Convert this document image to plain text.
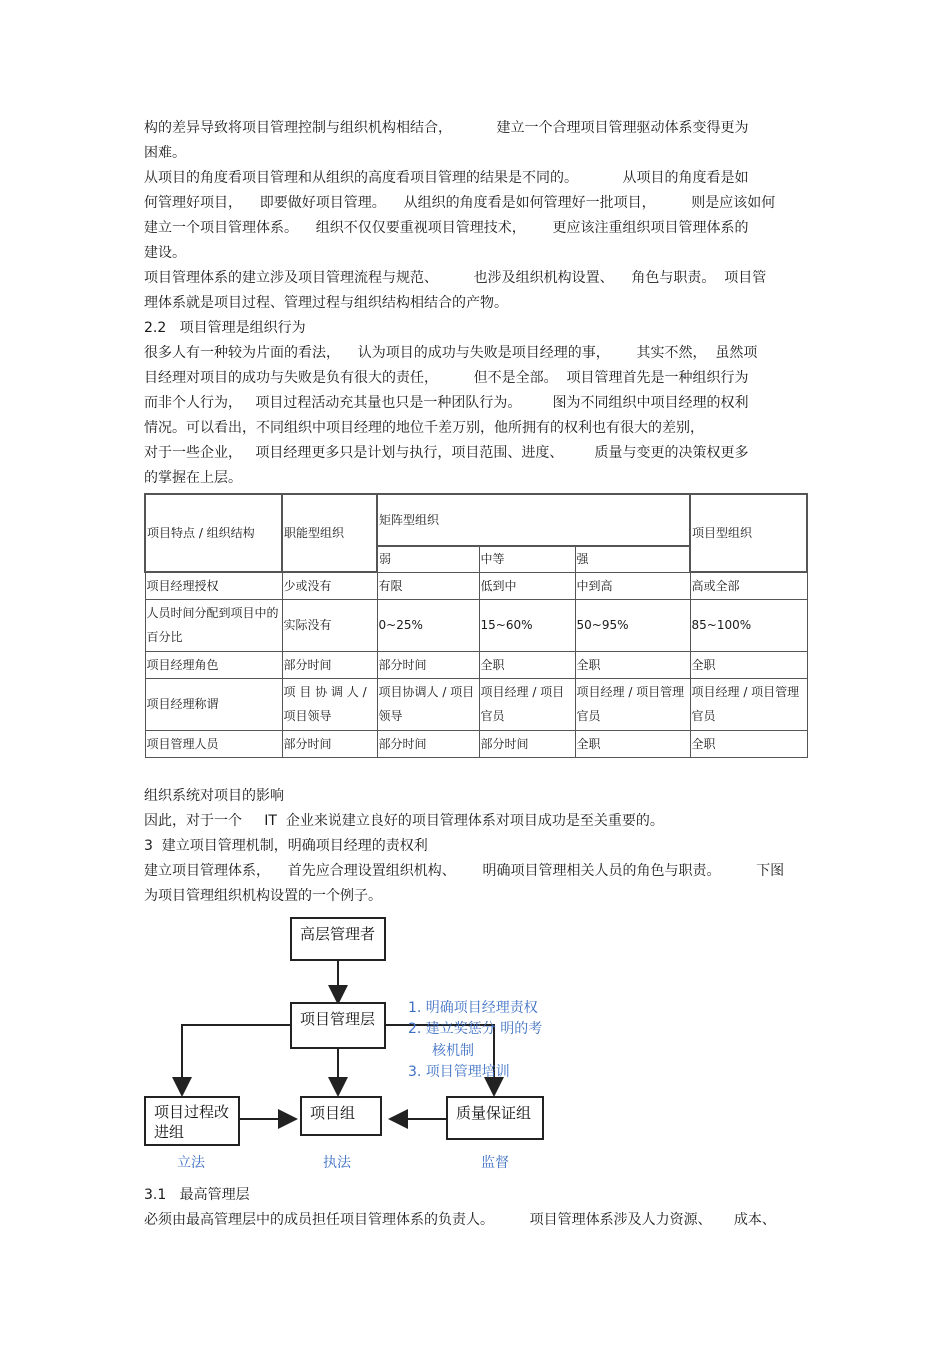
构的差异导致将项目管理控制与组织机构相结合，          建立一个合理项目管理驱动体系变得更为
困难。
从项目的角度看项目管理和从组织的高度看项目管理的结果是不同的。          从项目的角度看是如
何管理好项目，    即要做好项目管理。    从组织的角度看是如何管理好一批项目，        则是应该如何
建立一个项目管理体系。    组织不仅仅要重视项目管理技术，      更应该注重组织项目管理体系的
建设。
项目管理体系的建立涉及项目管理流程与规范、        也涉及组织机构设置、    角色与职责。  项目管
理体系就是项目过程、管理过程与组织结构相结合的产物。
2.2   项目管理是组织行为
很多人有一种较为片面的看法，    认为项目的成功与失败是项目经理的事，      其实不然，  虽然项
目经理对项目的成功与失败是负有很大的责任，        但不是全部。  项目管理首先是一种组织行为
而非个人行为，   项目过程活动充其量也只是一种团队行为。       图为不同组织中项目经理的权利
情况。可以看出，不同组织中项目经理的地位千差万别，他所拥有的权利也有很大的差别，
对于一些企业，   项目经理更多只是计划与执行，项目范围、进度、       质量与变更的决策权更多
的掌握在上层。
项目特点 / 组织结构	职能型组织	矩阵型组织			项目型组织
		弱	中等	强	
项目经理授权	少或没有	有限	低到中	中到高	高或全部
人员时间分配到项目中的百分比	实际没有	0~25%	15~60%	50~95%	85~100%
项目经理角色	部分时间	部分时间	全职	全职	全职
项目经理称谓	项 目 协 调 人 / 项目领导	项目协调人 / 项目领导	项目经理 / 项目官员	项目经理 / 项目管理官员	项目经理 / 项目管理官员
项目管理人员	部分时间	部分时间	部分时间	全职	全职
组织系统对项目的影响
因此，对于一个     IT  企业来说建立良好的项目管理体系对项目成功是至关重要的。
3  建立项目管理机制，明确项目经理的责权利
建立项目管理体系，    首先应合理设置组织机构、      明确项目管理相关人员的角色与职责。        下图
为项目管理组织机构设置的一个例子。
高层管理者
项目管理层
项目过程改进组
项目组	质量保证组
1. 明确项目经理责权
2. 建立奖惩分 明的考
核机制
3. 项目管理培训
立法	执法	监督
3.1   最高管理层
必须由最高管理层中的成员担任项目管理体系的负责人。        项目管理体系涉及人力资源、     成本、
